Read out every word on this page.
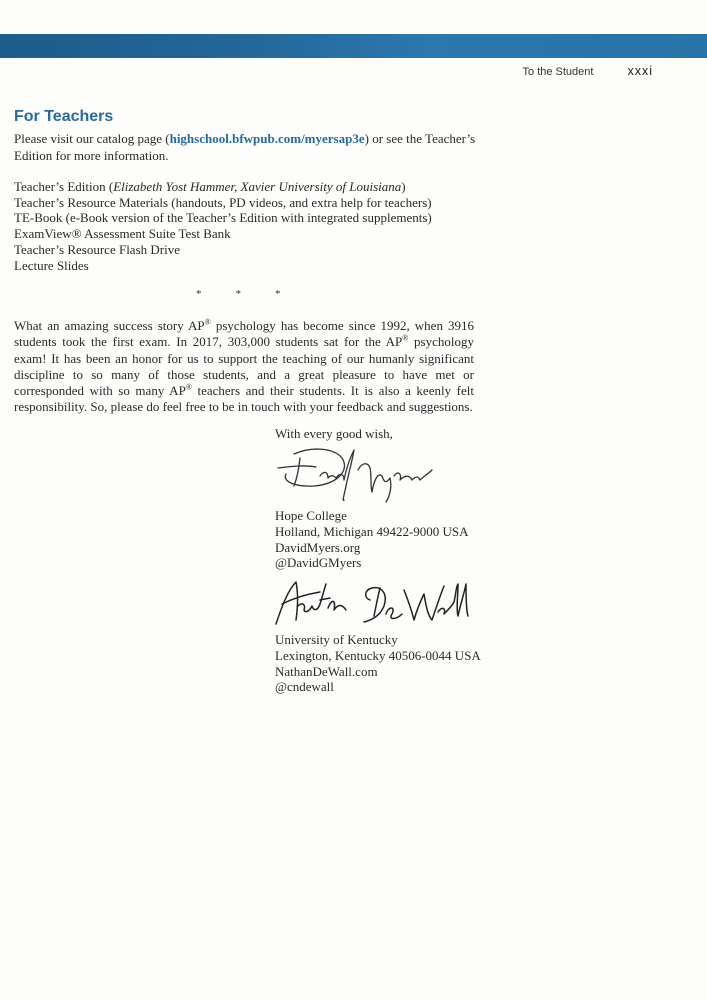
To the Student	xxxi
For Teachers

Please visit our catalog page (highschool.bfwpub.com/myersap3e) or see the Teacher’s Edition for more information.

Teacher’s Edition (Elizabeth Yost Hammer, Xavier University of Louisiana)
Teacher’s Resource Materials (handouts, PD videos, and extra help for teachers)
TE-Book (e-Book version of the Teacher’s Edition with integrated supplements)
ExamView® Assessment Suite Test Bank
Teacher’s Resource Flash Drive
Lecture Slides
*	*	*

What an amazing success story AP® psychology has become since 1992, when 3916 students took the first exam. In 2017, 303,000 students sat for the AP® psychology exam! It has been an honor for us to support the teaching of our humanly significant discipline to so many of those students, and a great pleasure to have met or corresponded with so many AP® teachers and their students. It is also a keenly felt responsibility. So, please do feel free to be in touch with your feedback and suggestions.

With every good wish,
Hope College
Holland, Michigan 49422-9000 USA
DavidMyers.org
@DavidGMyers
University of Kentucky
Lexington, Kentucky 40506-0044 USA
NathanDeWall.com
@cndewall
